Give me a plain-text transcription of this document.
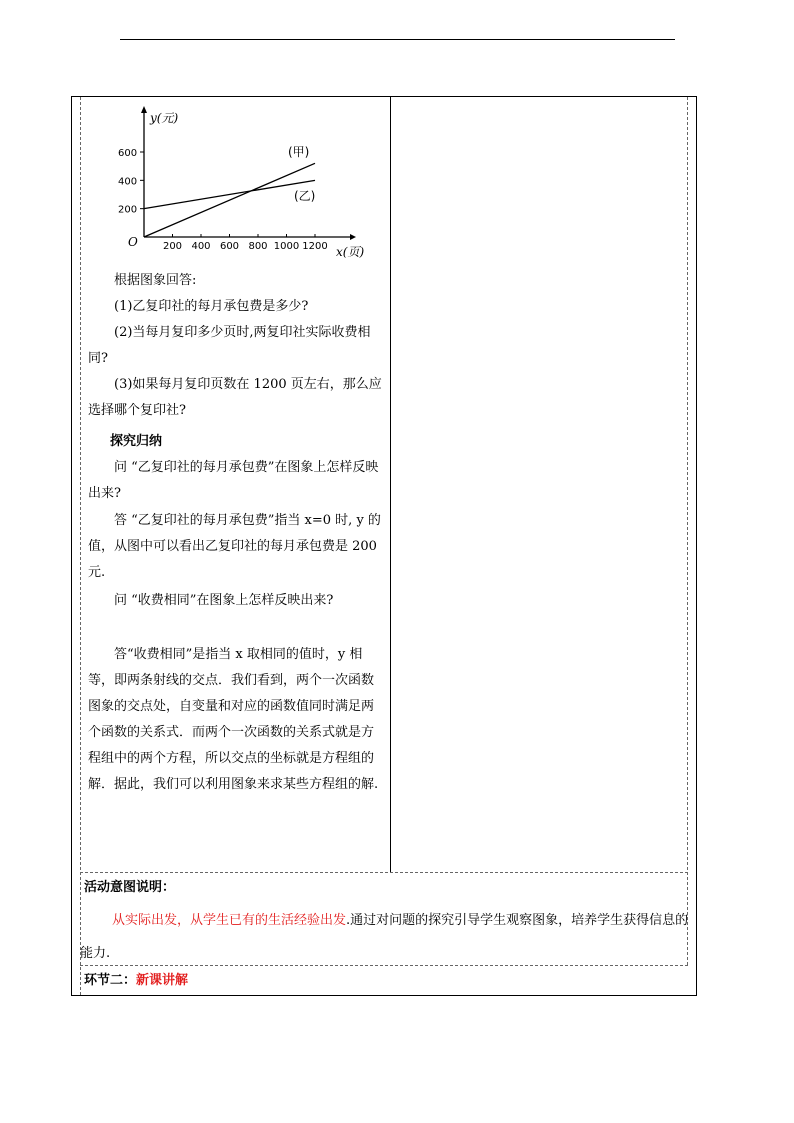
y(元)
x(页)
O
600
400
200
200 400 600 800 1000 1200
(甲)
(乙)

根据图象回答:

(1)乙复印社的每月承包费是多少?

(2)当每月复印多少页时,两复印社实际收费相同?

(3)如果每月复印页数在 1200 页左右，那么应选择哪个复印社?

探究归纳

问 “乙复印社的每月承包费”在图象上怎样反映出来?

答 “乙复印社的每月承包费”指当 x=0 时, y 的值，从图中可以看出乙复印社的每月承包费是 200 元.

问 “收费相同”在图象上怎样反映出来?

答“收费相同”是指当 x 取相同的值时，y 相等，即两条射线的交点．我们看到，两个一次函数图象的交点处，自变量和对应的函数值同时满足两个函数的关系式．而两个一次函数的关系式就是方程组中的两个方程，所以交点的坐标就是方程组的解．据此，我们可以利用图象来求某些方程组的解.

活动意图说明：

从实际出发，从学生已有的生活经验出发.通过对问题的探究引导学生观察图象，培养学生获得信息的能力.

环节二：新课讲解
